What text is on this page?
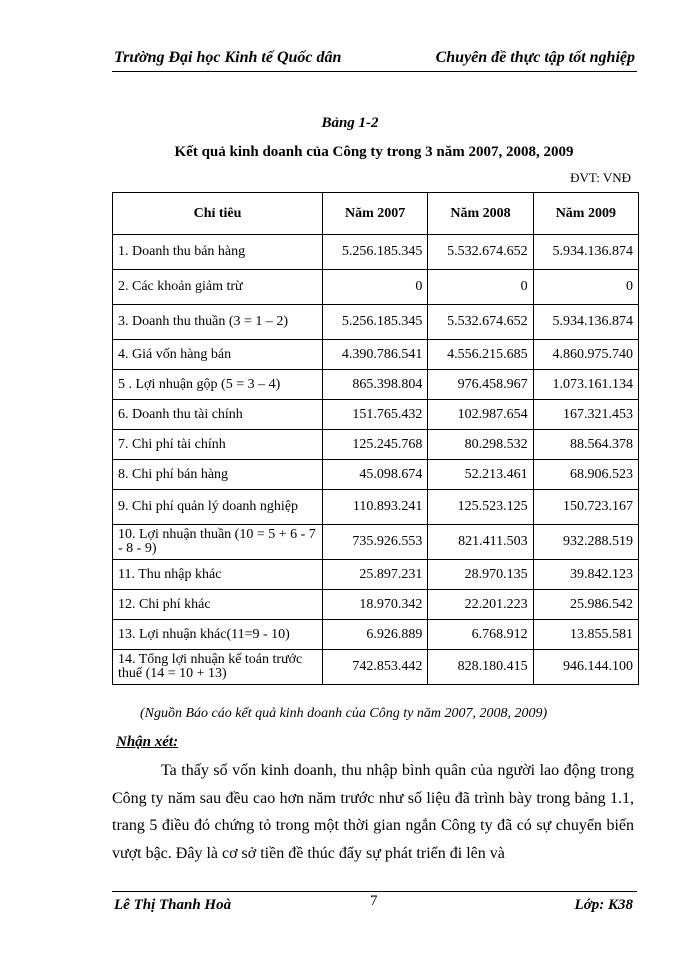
Trường Đại học Kinh tế Quốc dân	Chuyên đề thực tập tốt nghiệp
Bảng 1-2
Kết quả kinh doanh của Công ty trong 3 năm 2007, 2008, 2009
ĐVT: VNĐ
Chỉ tiêu	Năm 2007	Năm 2008	Năm 2009
1. Doanh thu bán hàng	5.256.185.345	5.532.674.652	5.934.136.874
2. Các khoản giảm trừ	0	0	0
3. Doanh thu thuần (3 = 1 – 2)	5.256.185.345	5.532.674.652	5.934.136.874
4. Giá vốn hàng bán	4.390.786.541	4.556.215.685	4.860.975.740
5 . Lợi nhuận gộp (5 = 3 – 4)	865.398.804	976.458.967	1.073.161.134
6. Doanh thu tài chính	151.765.432	102.987.654	167.321.453
7. Chi phí tài chính	125.245.768	80.298.532	88.564.378
8. Chi phí bán hàng	45.098.674	52.213.461	68.906.523
9. Chi phí quản lý doanh nghiệp	110.893.241	125.523.125	150.723.167
10. Lợi nhuận thuần (10 = 5 + 6 - 7 - 8 - 9)	735.926.553	821.411.503	932.288.519
11. Thu nhập khác	25.897.231	28.970.135	39.842.123
12. Chi phí khác	18.970.342	22.201.223	25.986.542
13. Lợi nhuận khác(11=9 - 10)	6.926.889	6.768.912	13.855.581
14. Tổng lợi nhuận kế toán trước thuế (14 = 10 + 13)	742.853.442	828.180.415	946.144.100
(Nguồn Báo cáo kết quả kinh doanh của Công ty năm 2007, 2008, 2009)
Nhận xét:

Ta thấy số vốn kinh doanh, thu nhập bình quân của người lao động trong Công ty năm sau đều cao hơn năm trước như số liệu đã trình bày trong bảng 1.1, trang 5 điều đó chứng tỏ trong một thời gian ngắn Công ty đã có sự chuyển biến vượt bậc. Đây là cơ sở tiền đề thúc đẩy sự phát triển đi lên và

Lê Thị Thanh Hoà	7	Lớp: K38
